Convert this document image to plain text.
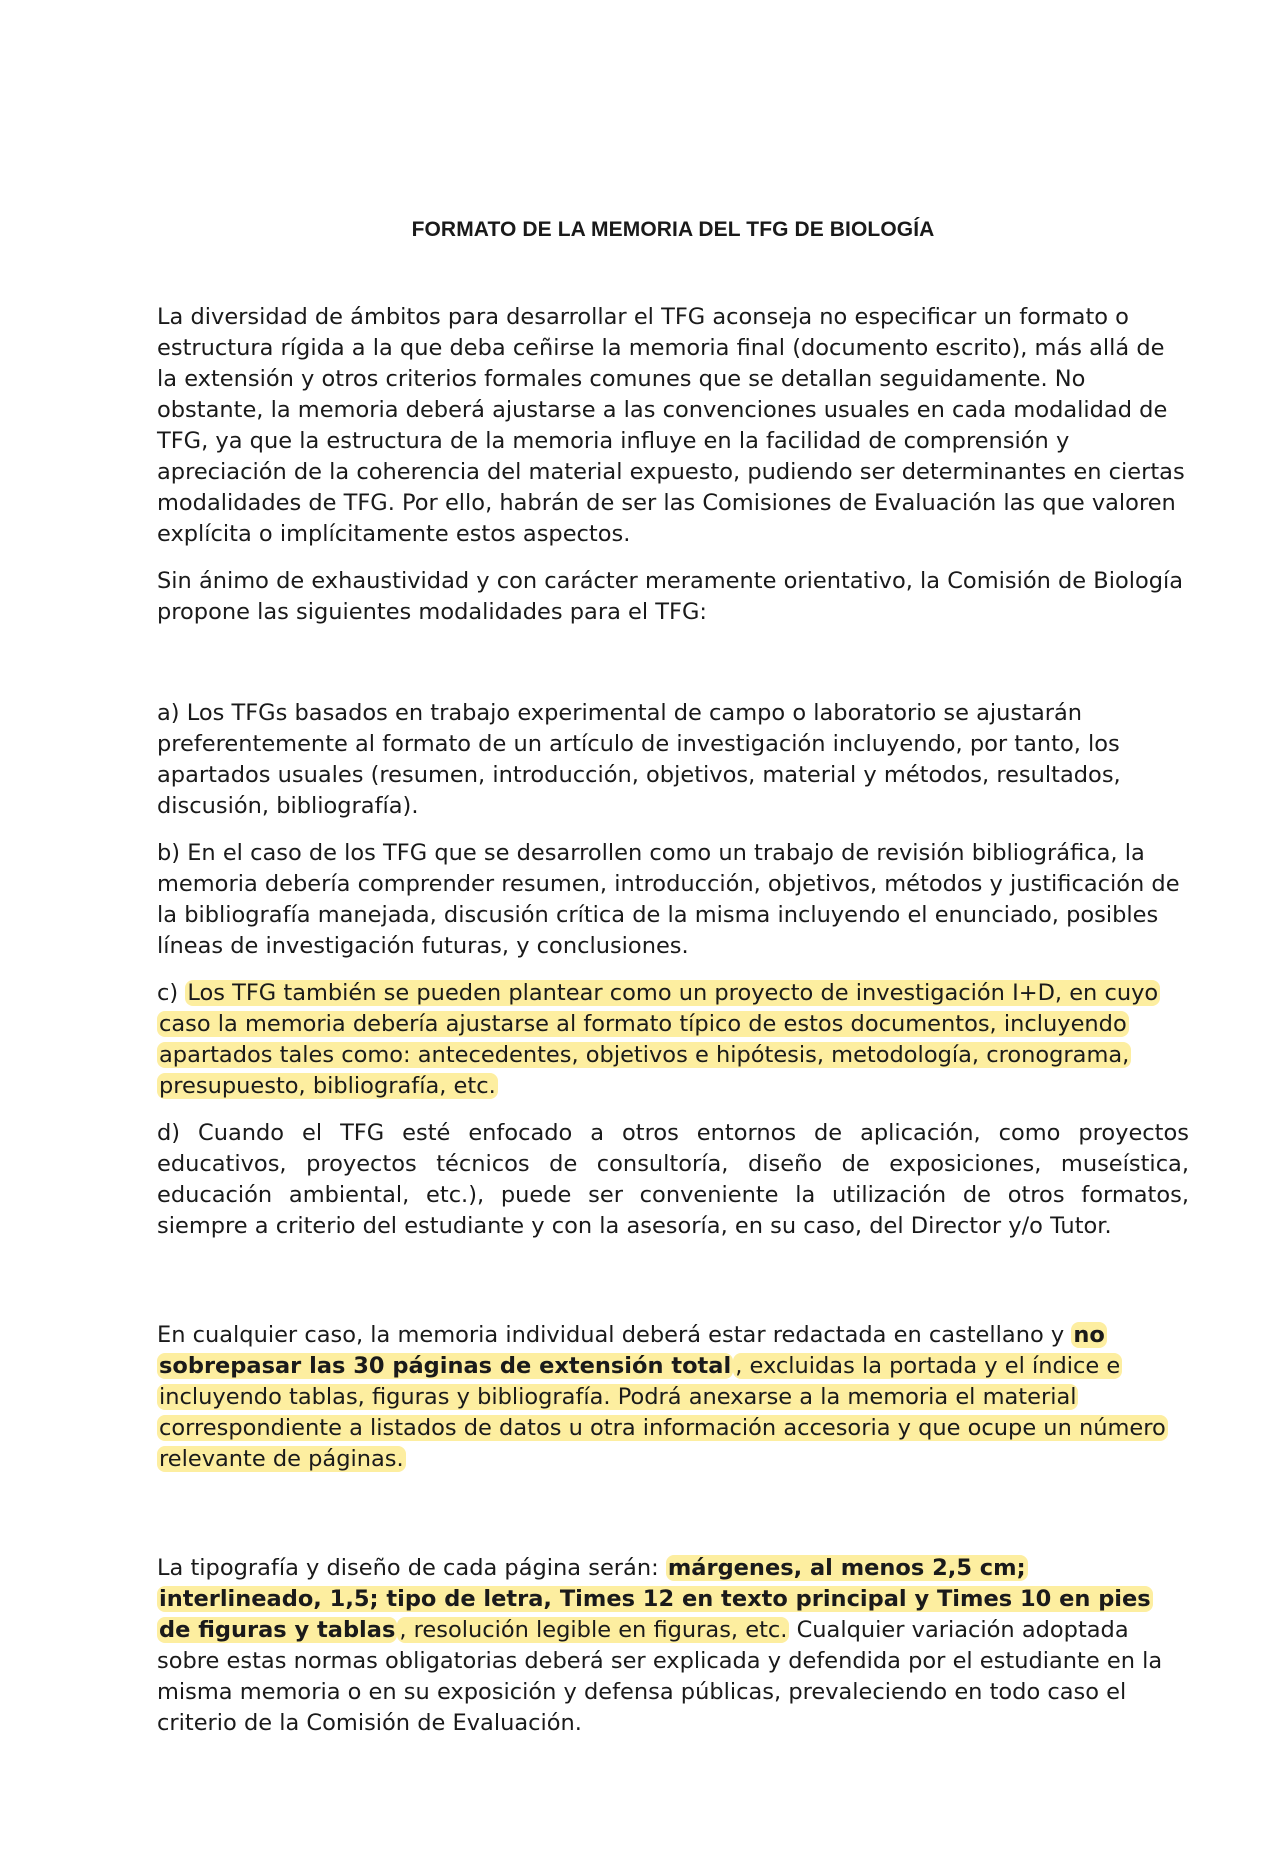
FORMATO DE LA MEMORIA DEL TFG DE BIOLOGÍA

La diversidad de ámbitos para desarrollar el TFG aconseja no especificar un formato o estructura rígida a la que deba ceñirse la memoria final (documento escrito), más allá de la extensión y otros criterios formales comunes que se detallan seguidamente. No obstante, la memoria deberá ajustarse a las convenciones usuales en cada modalidad de TFG, ya que la estructura de la memoria influye en la facilidad de comprensión y apreciación de la coherencia del material expuesto, pudiendo ser determinantes en ciertas modalidades de TFG. Por ello, habrán de ser las Comisiones de Evaluación las que valoren explícita o implícitamente estos aspectos.

Sin ánimo de exhaustividad y con carácter meramente orientativo, la Comisión de Biología propone las siguientes modalidades para el TFG:

a) Los TFGs basados en trabajo experimental de campo o laboratorio se ajustarán preferentemente al formato de un artículo de investigación incluyendo, por tanto, los apartados usuales (resumen, introducción, objetivos, material y métodos, resultados, discusión, bibliografía).

b) En el caso de los TFG que se desarrollen como un trabajo de revisión bibliográfica, la memoria debería comprender resumen, introducción, objetivos, métodos y justificación de la bibliografía manejada, discusión crítica de la misma incluyendo el enunciado, posibles líneas de investigación futuras, y conclusiones.

c) Los TFG también se pueden plantear como un proyecto de investigación I+D, en cuyo caso la memoria debería ajustarse al formato típico de estos documentos, incluyendo apartados tales como: antecedentes, objetivos e hipótesis, metodología, cronograma, presupuesto, bibliografía, etc.

d) Cuando el TFG esté enfocado a otros entornos de aplicación, como proyectos educativos, proyectos técnicos de consultoría, diseño de exposiciones, museística, educación ambiental, etc.), puede ser conveniente la utilización de otros formatos, siempre a criterio del estudiante y con la asesoría, en su caso, del Director y/o Tutor.

En cualquier caso, la memoria individual deberá estar redactada en castellano y no sobrepasar las 30 páginas de extensión total , excluidas la portada y el índice e incluyendo tablas, figuras y bibliografía. Podrá anexarse a la memoria el material correspondiente a listados de datos u otra información accesoria y que ocupe un número relevante de páginas.

La tipografía y diseño de cada página serán: márgenes, al menos 2,5 cm; interlineado, 1,5; tipo de letra, Times 12 en texto principal y Times 10 en pies de figuras y tablas , resolución legible en figuras, etc. Cualquier variación adoptada sobre estas normas obligatorias deberá ser explicada y defendida por el estudiante en la misma memoria o en su exposición y defensa públicas, prevaleciendo en todo caso el criterio de la Comisión de Evaluación.
